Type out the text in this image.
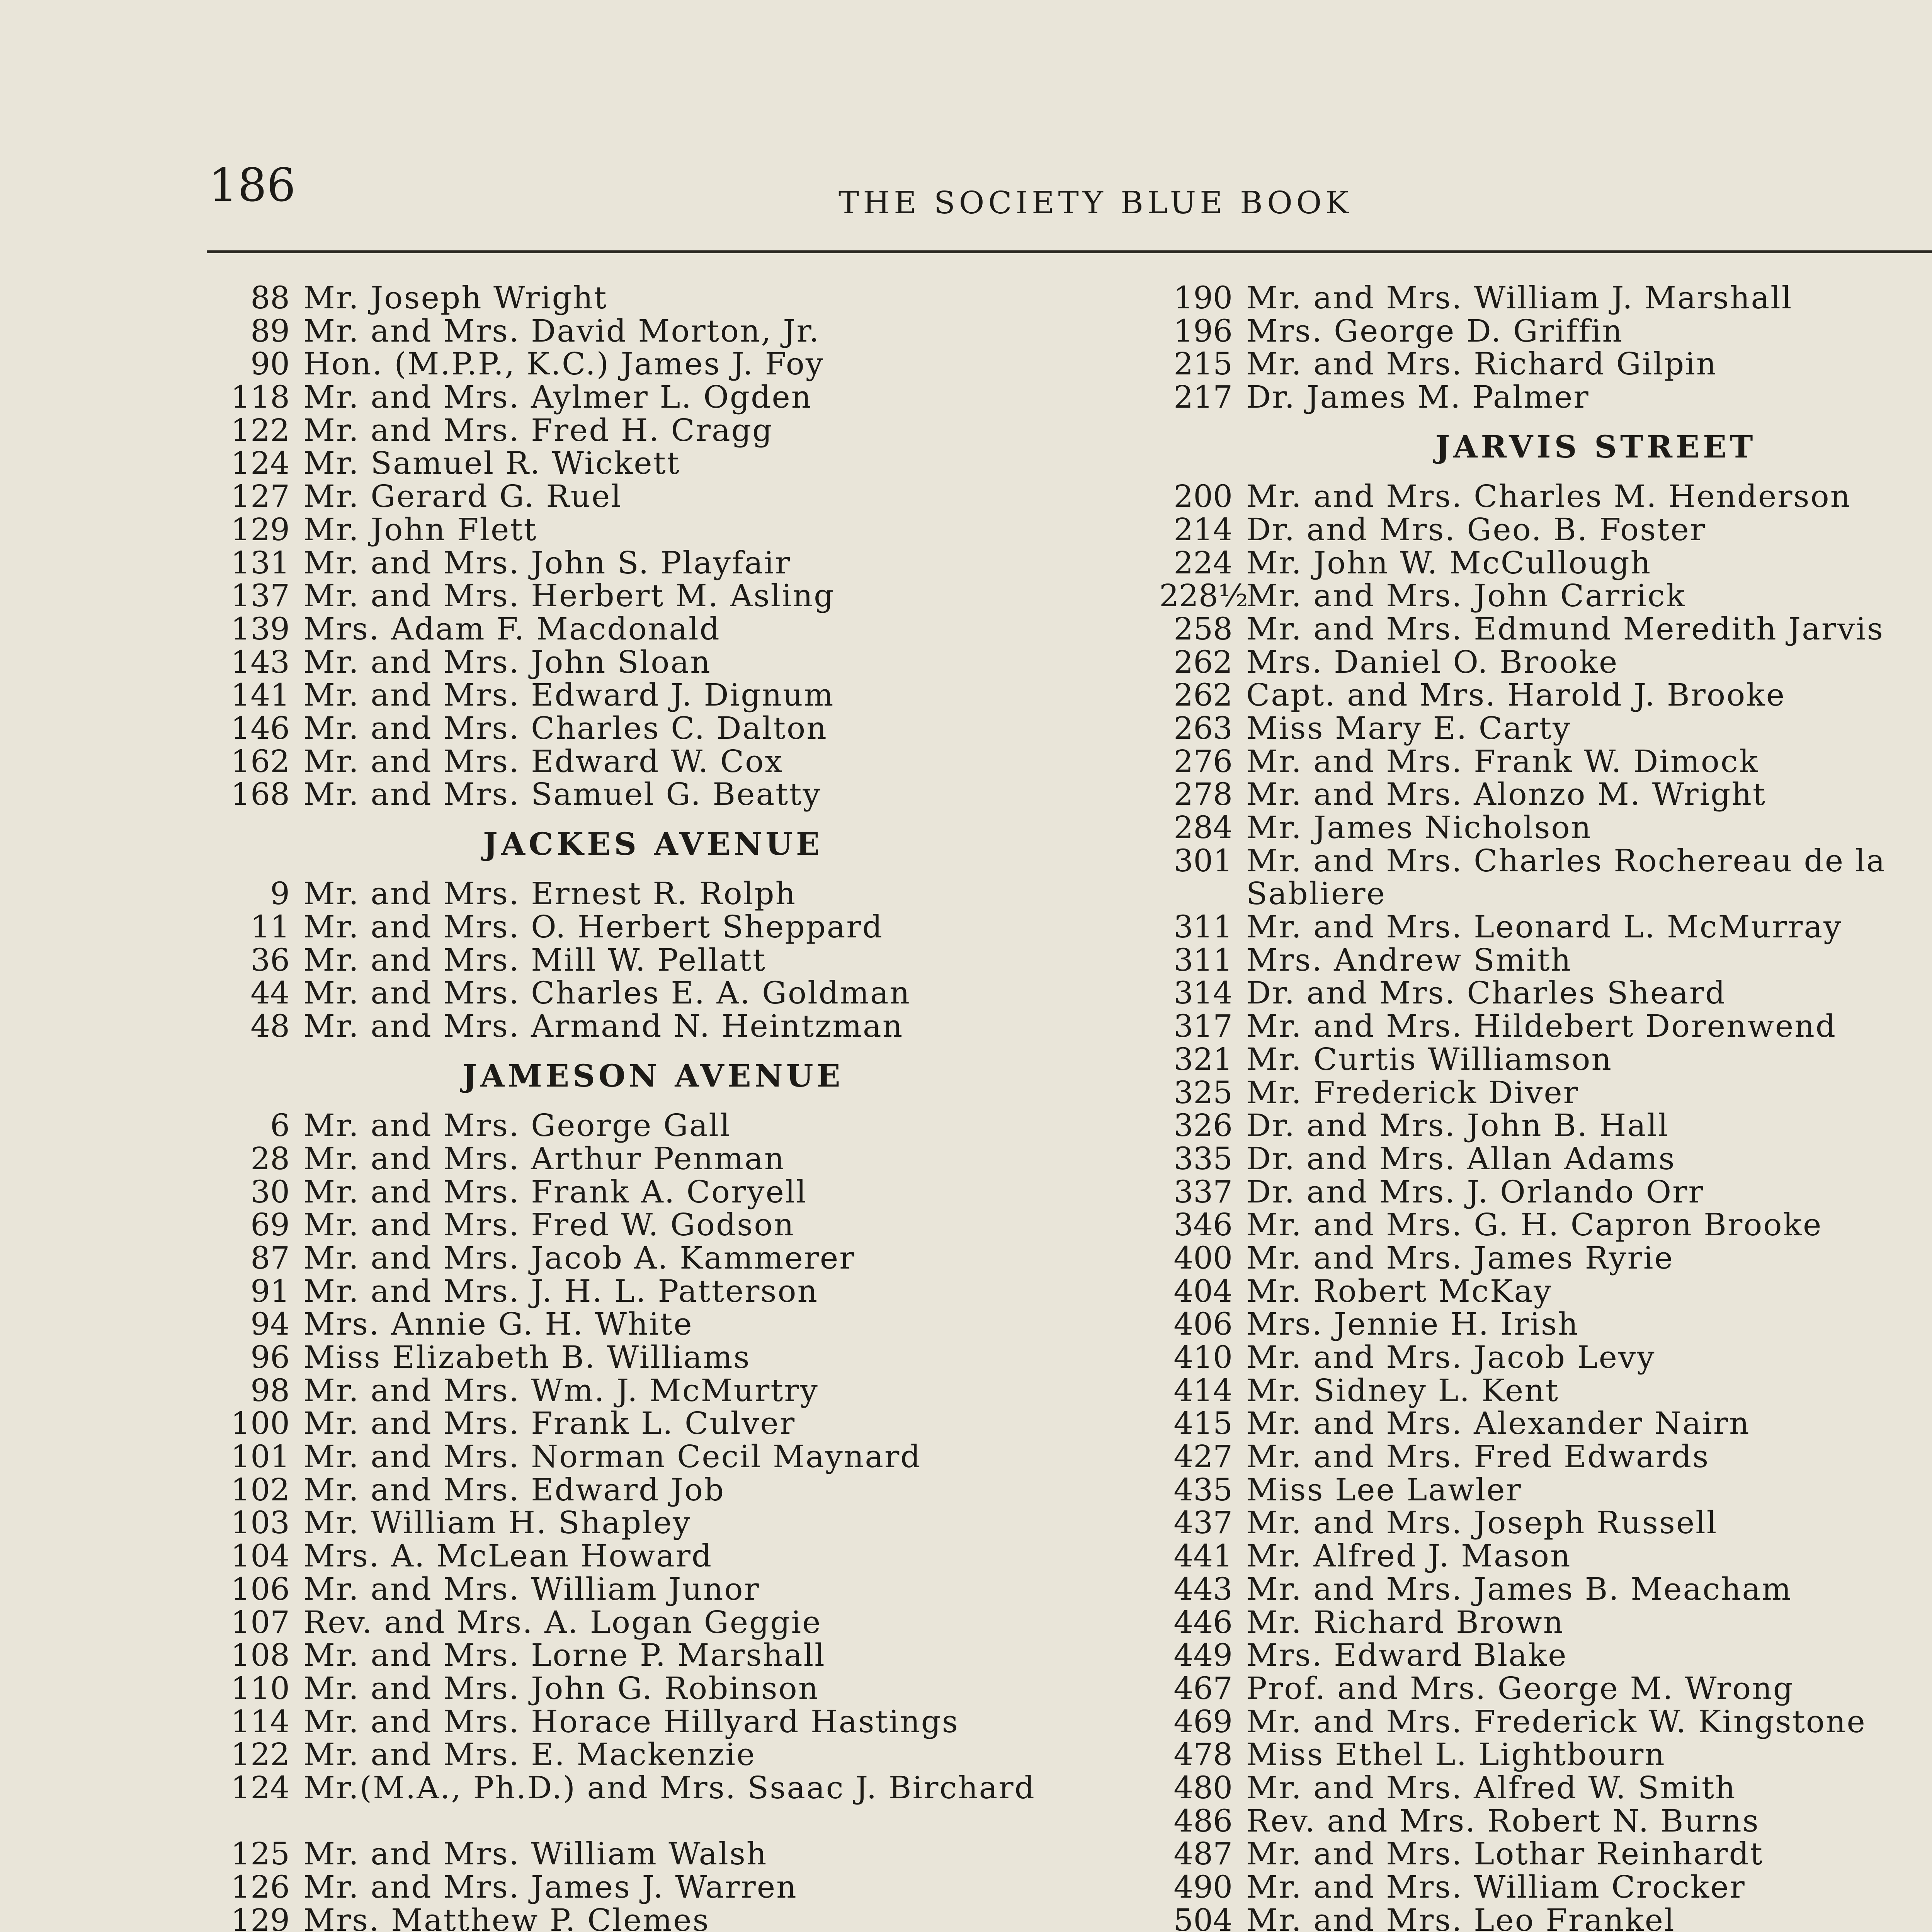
186	THE SOCIETY BLUE BOOK
88 Mr. Joseph Wright
89 Mr. and Mrs. David Morton, Jr.
90 Hon. (M.P.P., K.C.) James J. Foy
118 Mr. and Mrs. Aylmer L. Ogden
122 Mr. and Mrs. Fred H. Cragg
124 Mr. Samuel R. Wickett
127 Mr. Gerard G. Ruel
129 Mr. John Flett
131 Mr. and Mrs. John S. Playfair
137 Mr. and Mrs. Herbert M. Asling
139 Mrs. Adam F. Macdonald
143 Mr. and Mrs. John Sloan
141 Mr. and Mrs. Edward J. Dignum
146 Mr. and Mrs. Charles C. Dalton
162 Mr. and Mrs. Edward W. Cox
168 Mr. and Mrs. Samuel G. Beatty
JACKES AVENUE
9 Mr. and Mrs. Ernest R. Rolph
11 Mr. and Mrs. O. Herbert Sheppard
36 Mr. and Mrs. Mill W. Pellatt
44 Mr. and Mrs. Charles E. A. Goldman
48 Mr. and Mrs. Armand N. Heintzman
JAMESON AVENUE
6 Mr. and Mrs. George Gall
28 Mr. and Mrs. Arthur Penman
30 Mr. and Mrs. Frank A. Coryell
69 Mr. and Mrs. Fred W. Godson
87 Mr. and Mrs. Jacob A. Kammerer
91 Mr. and Mrs. J. H. L. Patterson
94 Mrs. Annie G. H. White
96 Miss Elizabeth B. Williams
98 Mr. and Mrs. Wm. J. McMurtry
100 Mr. and Mrs. Frank L. Culver
101 Mr. and Mrs. Norman Cecil Maynard
102 Mr. and Mrs. Edward Job
103 Mr. William H. Shapley
104 Mrs. A. McLean Howard
106 Mr. and Mrs. William Junor
107 Rev. and Mrs. A. Logan Geggie
108 Mr. and Mrs. Lorne P. Marshall
110 Mr. and Mrs. John G. Robinson
114 Mr. and Mrs. Horace Hillyard Hastings
122 Mr. and Mrs. E. Mackenzie
124 Mr.(M.A., Ph.D.) and Mrs. Ssaac J. Birchard
125 Mr. and Mrs. William Walsh
126 Mr. and Mrs. James J. Warren
129 Mrs. Matthew P. Clemes
190 Mr. and Mrs. William J. Marshall
196 Mrs. George D. Griffin
215 Mr. and Mrs. Richard Gilpin
217 Dr. James M. Palmer
JARVIS STREET
200 Mr. and Mrs. Charles M. Henderson
214 Dr. and Mrs. Geo. B. Foster
224 Mr. John W. McCullough
228½
Mr. and Mrs. John Carrick
258 Mr. and Mrs. Edmund Meredith Jarvis
262 Mrs. Daniel O. Brooke
262 Capt. and Mrs. Harold J. Brooke
263 Miss Mary E. Carty
276 Mr. and Mrs. Frank W. Dimock
278 Mr. and Mrs. Alonzo M. Wright
284 Mr. James Nicholson
301 Mr. and Mrs. Charles Rochereau de la Sabliere
311 Mr. and Mrs. Leonard L. McMurray
311 Mrs. Andrew Smith
314 Dr. and Mrs. Charles Sheard
317 Mr. and Mrs. Hildebert Dorenwend
321 Mr. Curtis Williamson
325 Mr. Frederick Diver
326 Dr. and Mrs. John B. Hall
335 Dr. and Mrs. Allan Adams
337 Dr. and Mrs. J. Orlando Orr
346 Mr. and Mrs. G. H. Capron Brooke
400 Mr. and Mrs. James Ryrie
404 Mr. Robert McKay
406 Mrs. Jennie H. Irish
410 Mr. and Mrs. Jacob Levy
414 Mr. Sidney L. Kent
415 Mr. and Mrs. Alexander Nairn
427 Mr. and Mrs. Fred Edwards
435 Miss Lee Lawler
437 Mr. and Mrs. Joseph Russell
441 Mr. Alfred J. Mason
443 Mr. and Mrs. James B. Meacham
446 Mr. Richard Brown
449 Mrs. Edward Blake
467 Prof. and Mrs. George M. Wrong
469 Mr. and Mrs. Frederick W. Kingstone
478 Miss Ethel L. Lightbourn
480 Mr. and Mrs. Alfred W. Smith
486 Rev. and Mrs. Robert N. Burns
487 Mr. and Mrs. Lothar Reinhardt
490 Mr. and Mrs. William Crocker
504 Mr. and Mrs. Leo Frankel
